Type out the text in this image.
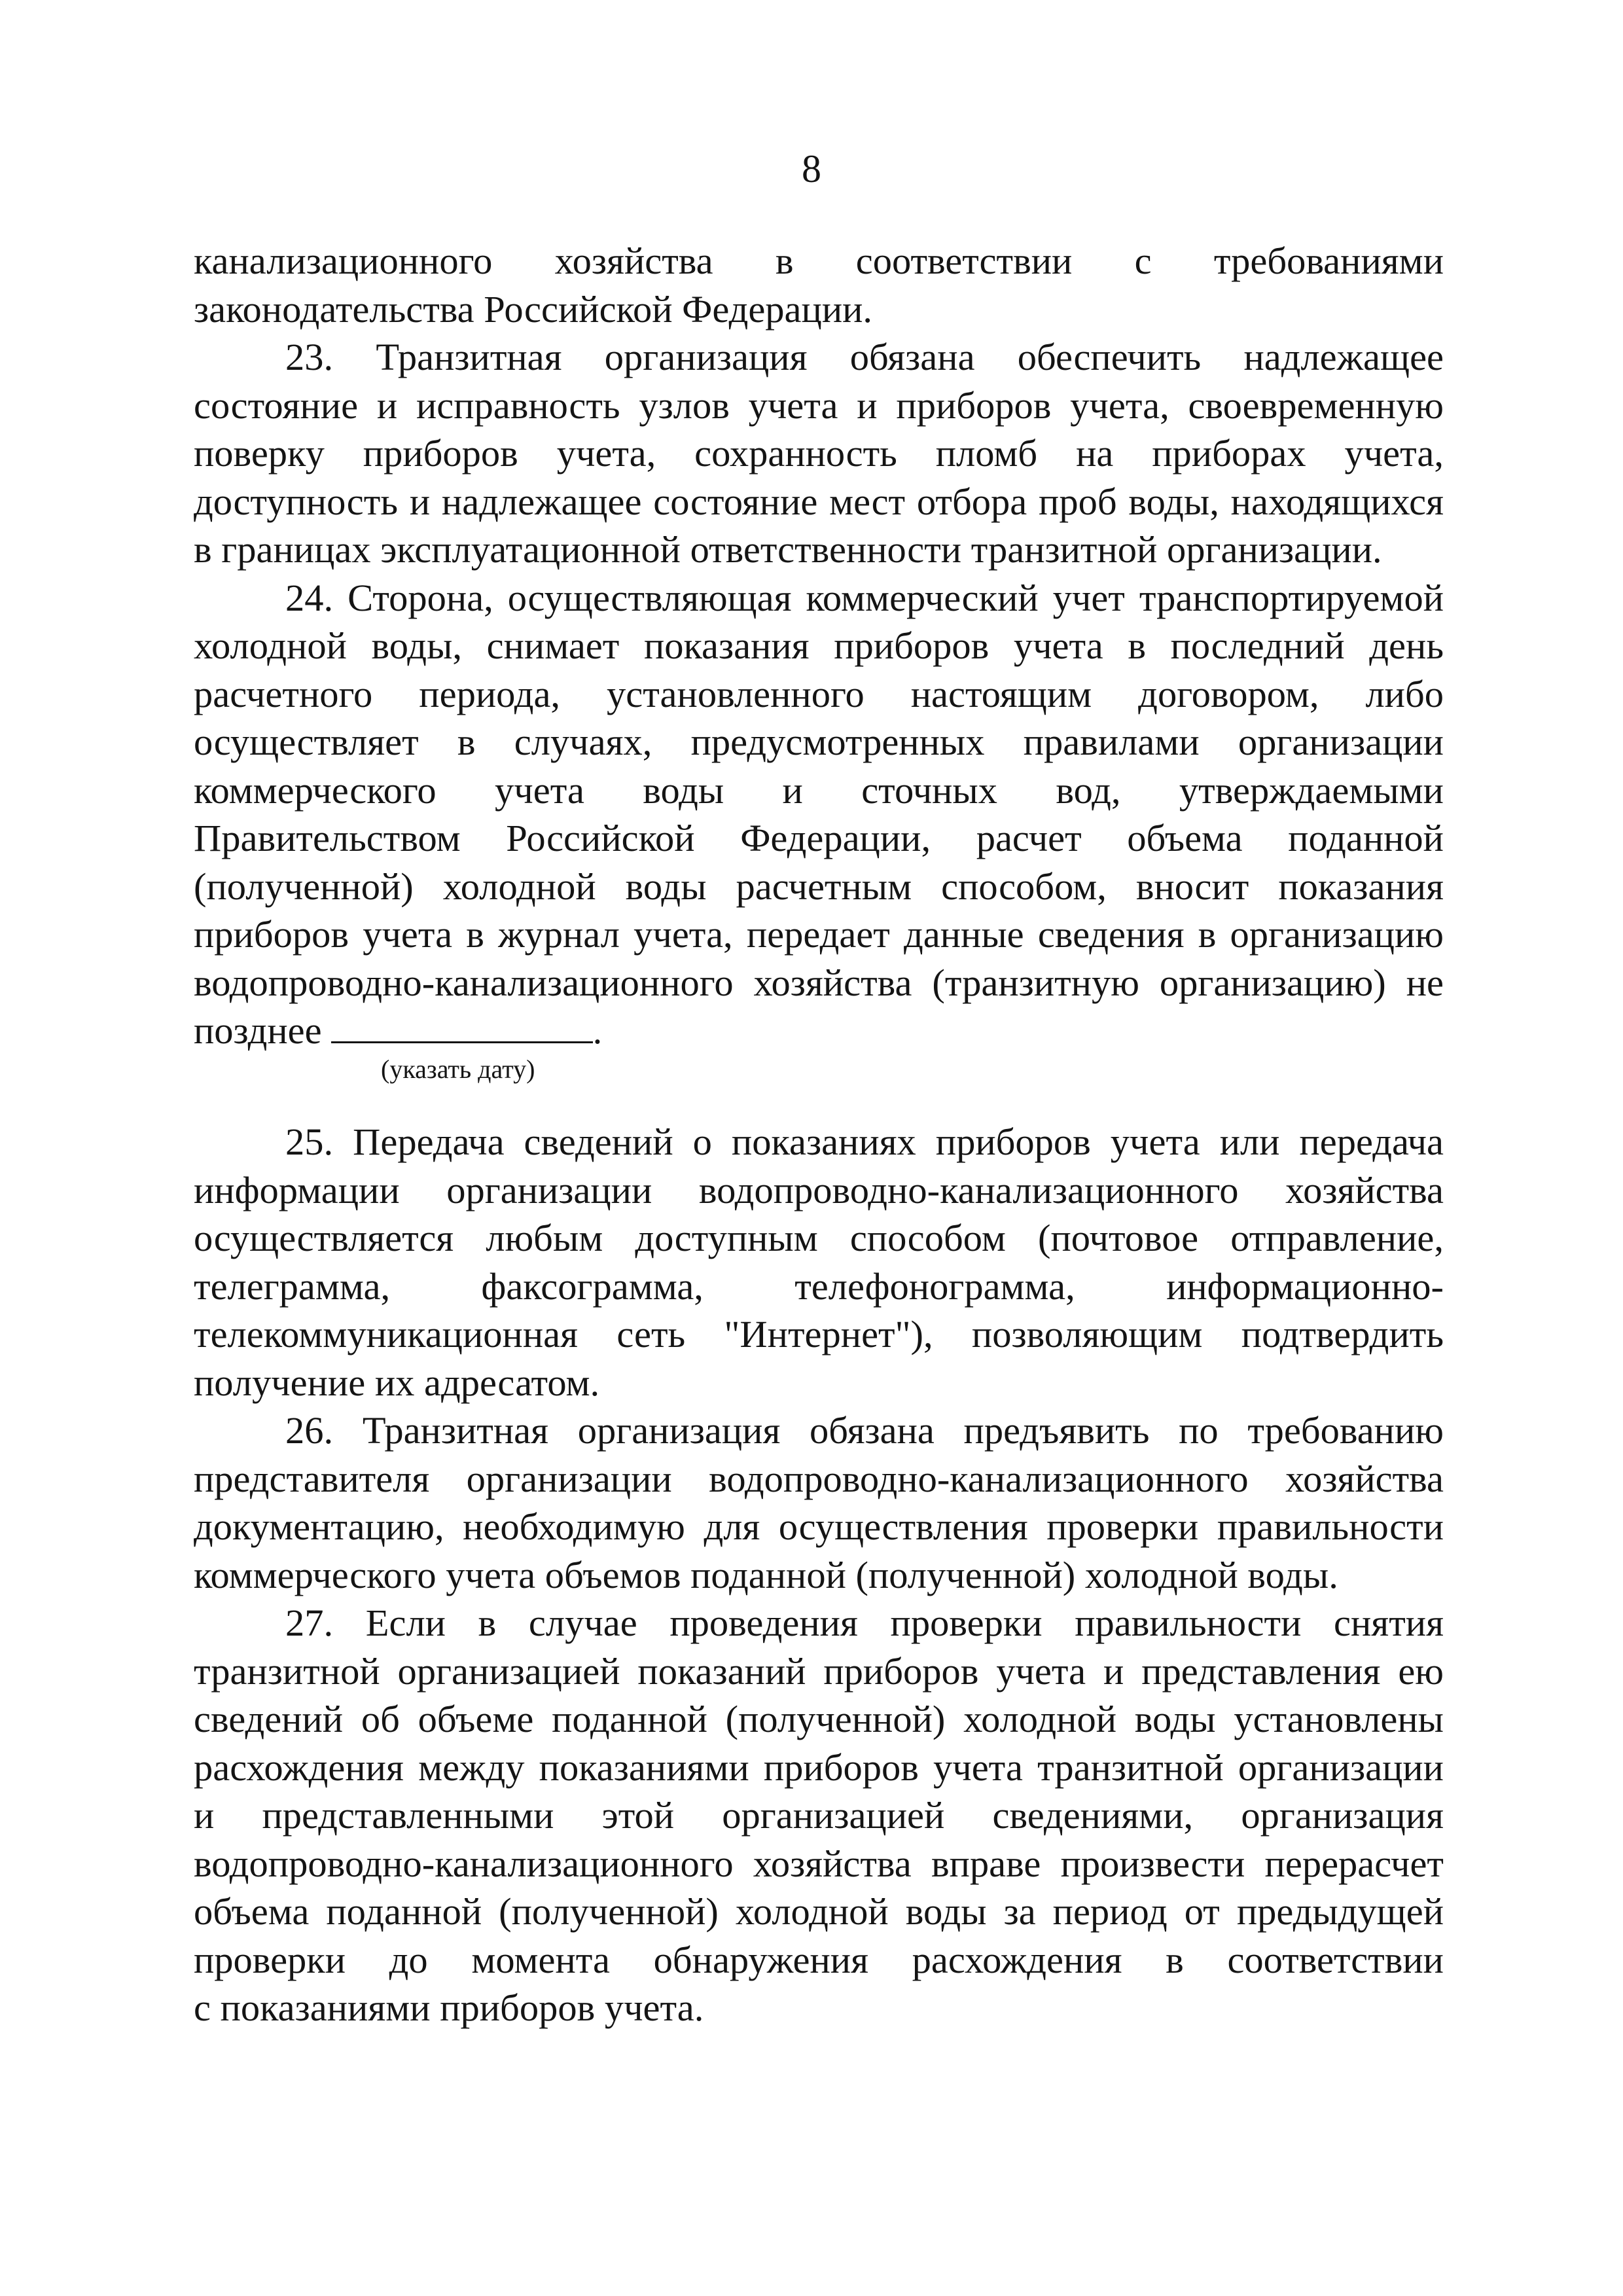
8

канализационного хозяйства в соответствии с требованиями
законодательства Российской Федерации.

23. Транзитная организация обязана обеспечить надлежащее
состояние и исправность узлов учета и приборов учета, своевременную
поверку приборов учета, сохранность пломб на приборах учета,
доступность и надлежащее состояние мест отбора проб воды, находящихся
в границах эксплуатационной ответственности транзитной организации.

24. Сторона, осуществляющая коммерческий учет транспортируемой
холодной воды, снимает показания приборов учета в последний день
расчетного периода, установленного настоящим договором, либо
осуществляет в случаях, предусмотренных правилами организации
коммерческого учета воды и сточных вод, утверждаемыми
Правительством Российской Федерации, расчет объема поданной
(полученной) холодной воды расчетным способом, вносит показания
приборов учета в журнал учета, передает данные сведения в организацию
водопроводно-канализационного хозяйства (транзитную организацию) не

позднее	.
(указать дату)

25. Передача сведений о показаниях приборов учета или передача
информации организации водопроводно-канализационного хозяйства
осуществляется любым доступным способом (почтовое отправление,
телеграмма, факсограмма, телефонограмма, информационно-
телекоммуникационная сеть "Интернет"), позволяющим подтвердить
получение их адресатом.

26. Транзитная организация обязана предъявить по требованию
представителя организации водопроводно-канализационного хозяйства
документацию, необходимую для осуществления проверки правильности
коммерческого учета объемов поданной (полученной) холодной воды.

27. Если в случае проведения проверки правильности снятия
транзитной организацией показаний приборов учета и представления ею
сведений об объеме поданной (полученной) холодной воды установлены
расхождения между показаниями приборов учета транзитной организации
и представленными этой организацией сведениями, организация
водопроводно-канализационного хозяйства вправе произвести перерасчет
объема поданной (полученной) холодной воды за период от предыдущей
проверки до момента обнаружения расхождения в соответствии
с показаниями приборов учета.
